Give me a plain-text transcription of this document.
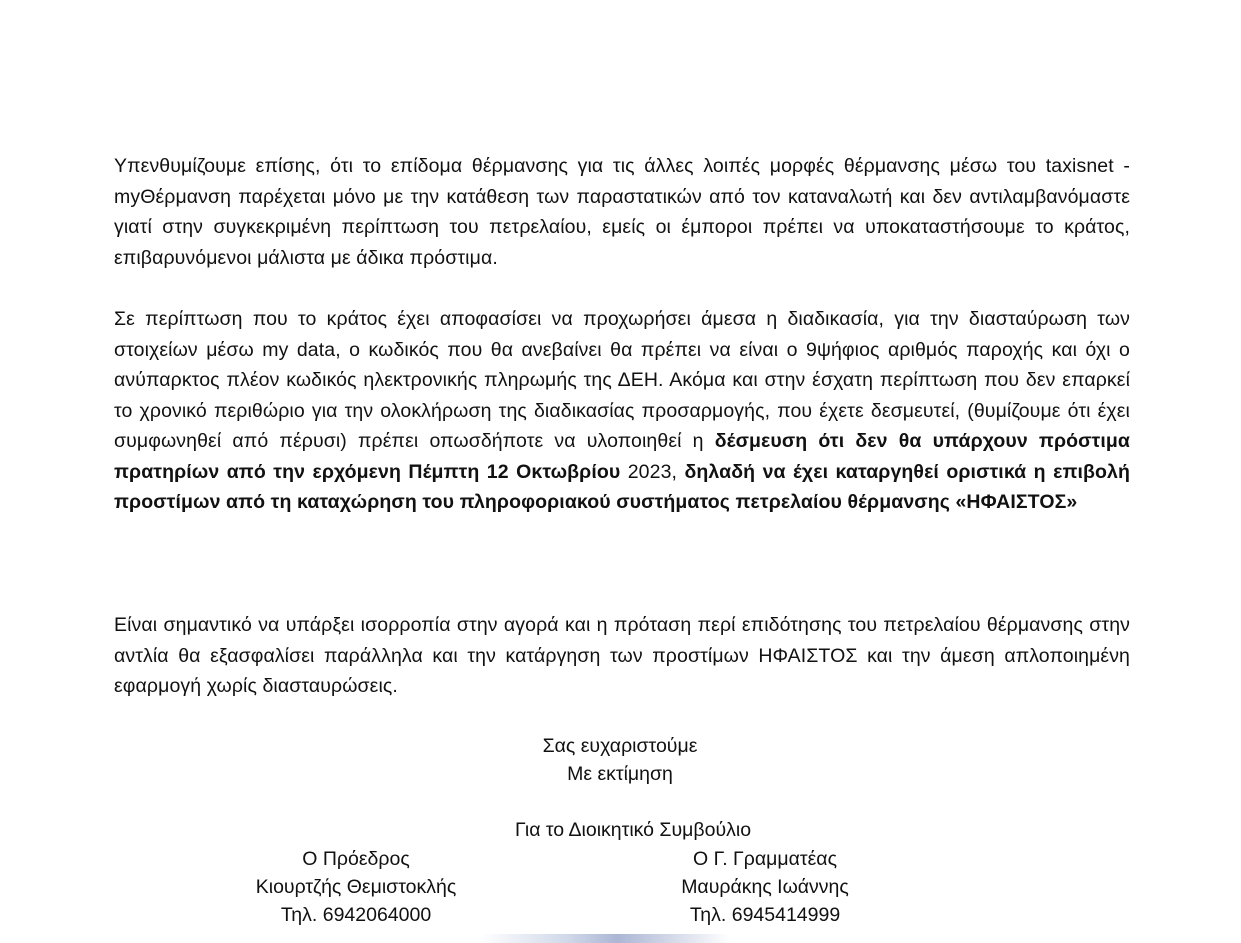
Υπενθυμίζουμε επίσης, ότι το επίδομα θέρμανσης για τις άλλες λοιπές μορφές θέρμανσης μέσω του taxisnet - myΘέρμανση παρέχεται μόνο με την κατάθεση των παραστατικών από τον καταναλωτή και δεν αντιλαμβανόμαστε γιατί στην συγκεκριμένη περίπτωση του πετρελαίου, εμείς οι έμποροι πρέπει να υποκαταστήσουμε το κράτος, επιβαρυνόμενοι μάλιστα με άδικα πρόστιμα.
Σε περίπτωση που το κράτος έχει αποφασίσει να προχωρήσει άμεσα η διαδικασία, για την διασταύρωση των στοιχείων μέσω my data, ο κωδικός που θα ανεβαίνει θα πρέπει να είναι ο 9ψήφιος αριθμός παροχής και όχι ο ανύπαρκτος πλέον κωδικός ηλεκτρονικής πληρωμής της ΔΕΗ. Ακόμα και στην έσχατη περίπτωση που δεν επαρκεί το χρονικό περιθώριο για την ολοκλήρωση της διαδικασίας προσαρμογής, που έχετε δεσμευτεί, (θυμίζουμε ότι έχει συμφωνηθεί από πέρυσι) πρέπει οπωσδήποτε να υλοποιηθεί η δέσμευση ότι δεν θα υπάρχουν πρόστιμα πρατηρίων από την ερχόμενη Πέμπτη 12 Οκτωβρίου 2023, δηλαδή να έχει καταργηθεί οριστικά η επιβολή προστίμων από τη καταχώρηση του πληροφοριακού συστήματος πετρελαίου θέρμανσης «ΗΦΑΙΣΤΟΣ»
Είναι σημαντικό να υπάρξει ισορροπία στην αγορά και η πρόταση περί επιδότησης του πετρελαίου θέρμανσης στην αντλία θα εξασφαλίσει παράλληλα και την κατάργηση των προστίμων ΗΦΑΙΣΤΟΣ και την άμεση απλοποιημένη εφαρμογή χωρίς διασταυρώσεις.
Σας ευχαριστούμε
Με εκτίμηση
Για το Διοικητικό Συμβούλιο
Ο Πρόεδρος
Κιουρτζής Θεμιστοκλής
Τηλ. 6942064000
Ο Γ. Γραμματέας
Μαυράκης Ιωάννης
Τηλ. 6945414999
